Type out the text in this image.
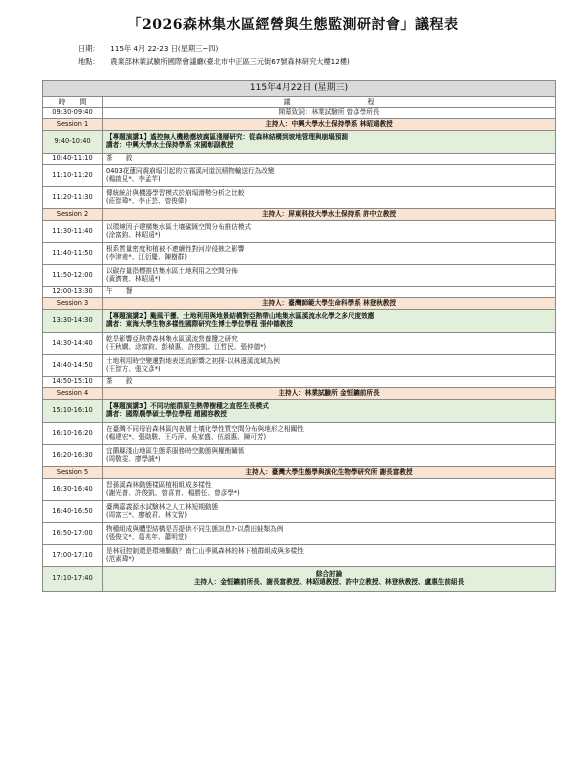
「2026森林集水區經營與生態監測研討會」議程表
日期： 115年 4月 22-23 日(星期三~四)
地點： 農業部林業試驗所國際會議廳(臺北市中正區三元街67號森林研究大樓12樓)
115年4月22日 (星期三)	
時　　間	議　　　　　　　　　　　程
09:30-09:40	開幕致詞：林業試驗所 曾彥學所長

Session 1	主持人：中興大學水土保持學系 林昭遠教授

9:40-10:40	【專題演講1】遙控無人機勘應坡腐區淺層研究：從森林結構到坡地管理與崩塌預測
講者：中興大學水土保持學系 宋國彰副教授

10:40-11:10	茶　　敘

11:10-11:20	0403花蓮同震崩塌引起的立霧溪河道沉積物輸送行為改變
(楊啟見*、李孟芊)

11:20-11:30	傳統統計與機器學習模式於崩塌潛勢分析之比較
(莊智瑋*、李正芸、曾俊偉)

Session 2	主持人：屏東科技大學水土保持系 許中立教授

11:30-11:40	以環境因子建構集水區土壤碳匯空間分布推估模式
(涂富鈞、林昭遠*)

11:40-11:50	根系質量密度和植被不連續性對河岸侵蝕之影響
(李津甫*、江衍慶、陳樹群)

11:50-12:00	以碳存量指標推估集水區土地利用之空間分佈
(黃濟寰、林昭遠*)

12:00-13:30	午　　餐

Session 3	主持人：臺灣師範大學生命科學系 林登秋教授

13:30-14:30	【專題演講2】颱風干擾、土地利用與地景結構對亞熱帶山地集水區溪流水化學之多尺度效應
講者：東海大學生物多樣性國際研究生博士學位學程 張仲德教授

14:30-14:40	乾旱影響亞熱帶森林集水區溪流營養鹽之研究
(王秋嫻、涂富鈞、彭楨惠、許俊凱、江哲民、張仲德*)

14:40-14:50	土地利用時空變遷對地表逕流影響之初探-以林邊溪流域為例
(王智方、張文彥*)

14:50-15:10	茶　　敘

Session 4	主持人：林業試驗所 金恒鑣前所長

15:10-16:10	【專題演講3】不同功能群原生熱帶樹種之直徑生長模式
講者：國際農學碩士學位學程 趙國容教授

16:10-16:20	在臺灣不同母岩森林區內表層土壤化學性質空間分布與地形之相關性
(楊建宏*、張勛駿、王巧萍、吳家盛、伍淑惠、陳可芳)

16:20-16:30	宜蘭縣淺山地區生態系服務時空動態與權衡關係
(周敬雯、廖學誠*)

Session 5	主持人：臺灣大學生態學與演化生物學研究所 謝長富教授

16:30-16:40	習孫溪森林動態樣區植相組成多樣性
(謝光普、許俊凱、曾喜育、楊勝任、曾彥學*)

16:40-16:50	臺灣嘉義源水試驗林之人工林短期動態
(周富三*、廖敏君、林文智)

16:50-17:00	物種組成與體型結構是否提供不同生態訊息?-以農田蛙類為例
(張俊文*、葛兆年、蕭明堂)

17:00-17:10	是林冠控制還是環境驅動？南仁山季風森林的林下植群組成與多樣性
(范素瑋*)

17:10-17:40	綜合討論
主持人：金恒鑣前所長、謝長富教授、林昭遠教授、許中立教授、林登秋教授、盧惠生前組長
